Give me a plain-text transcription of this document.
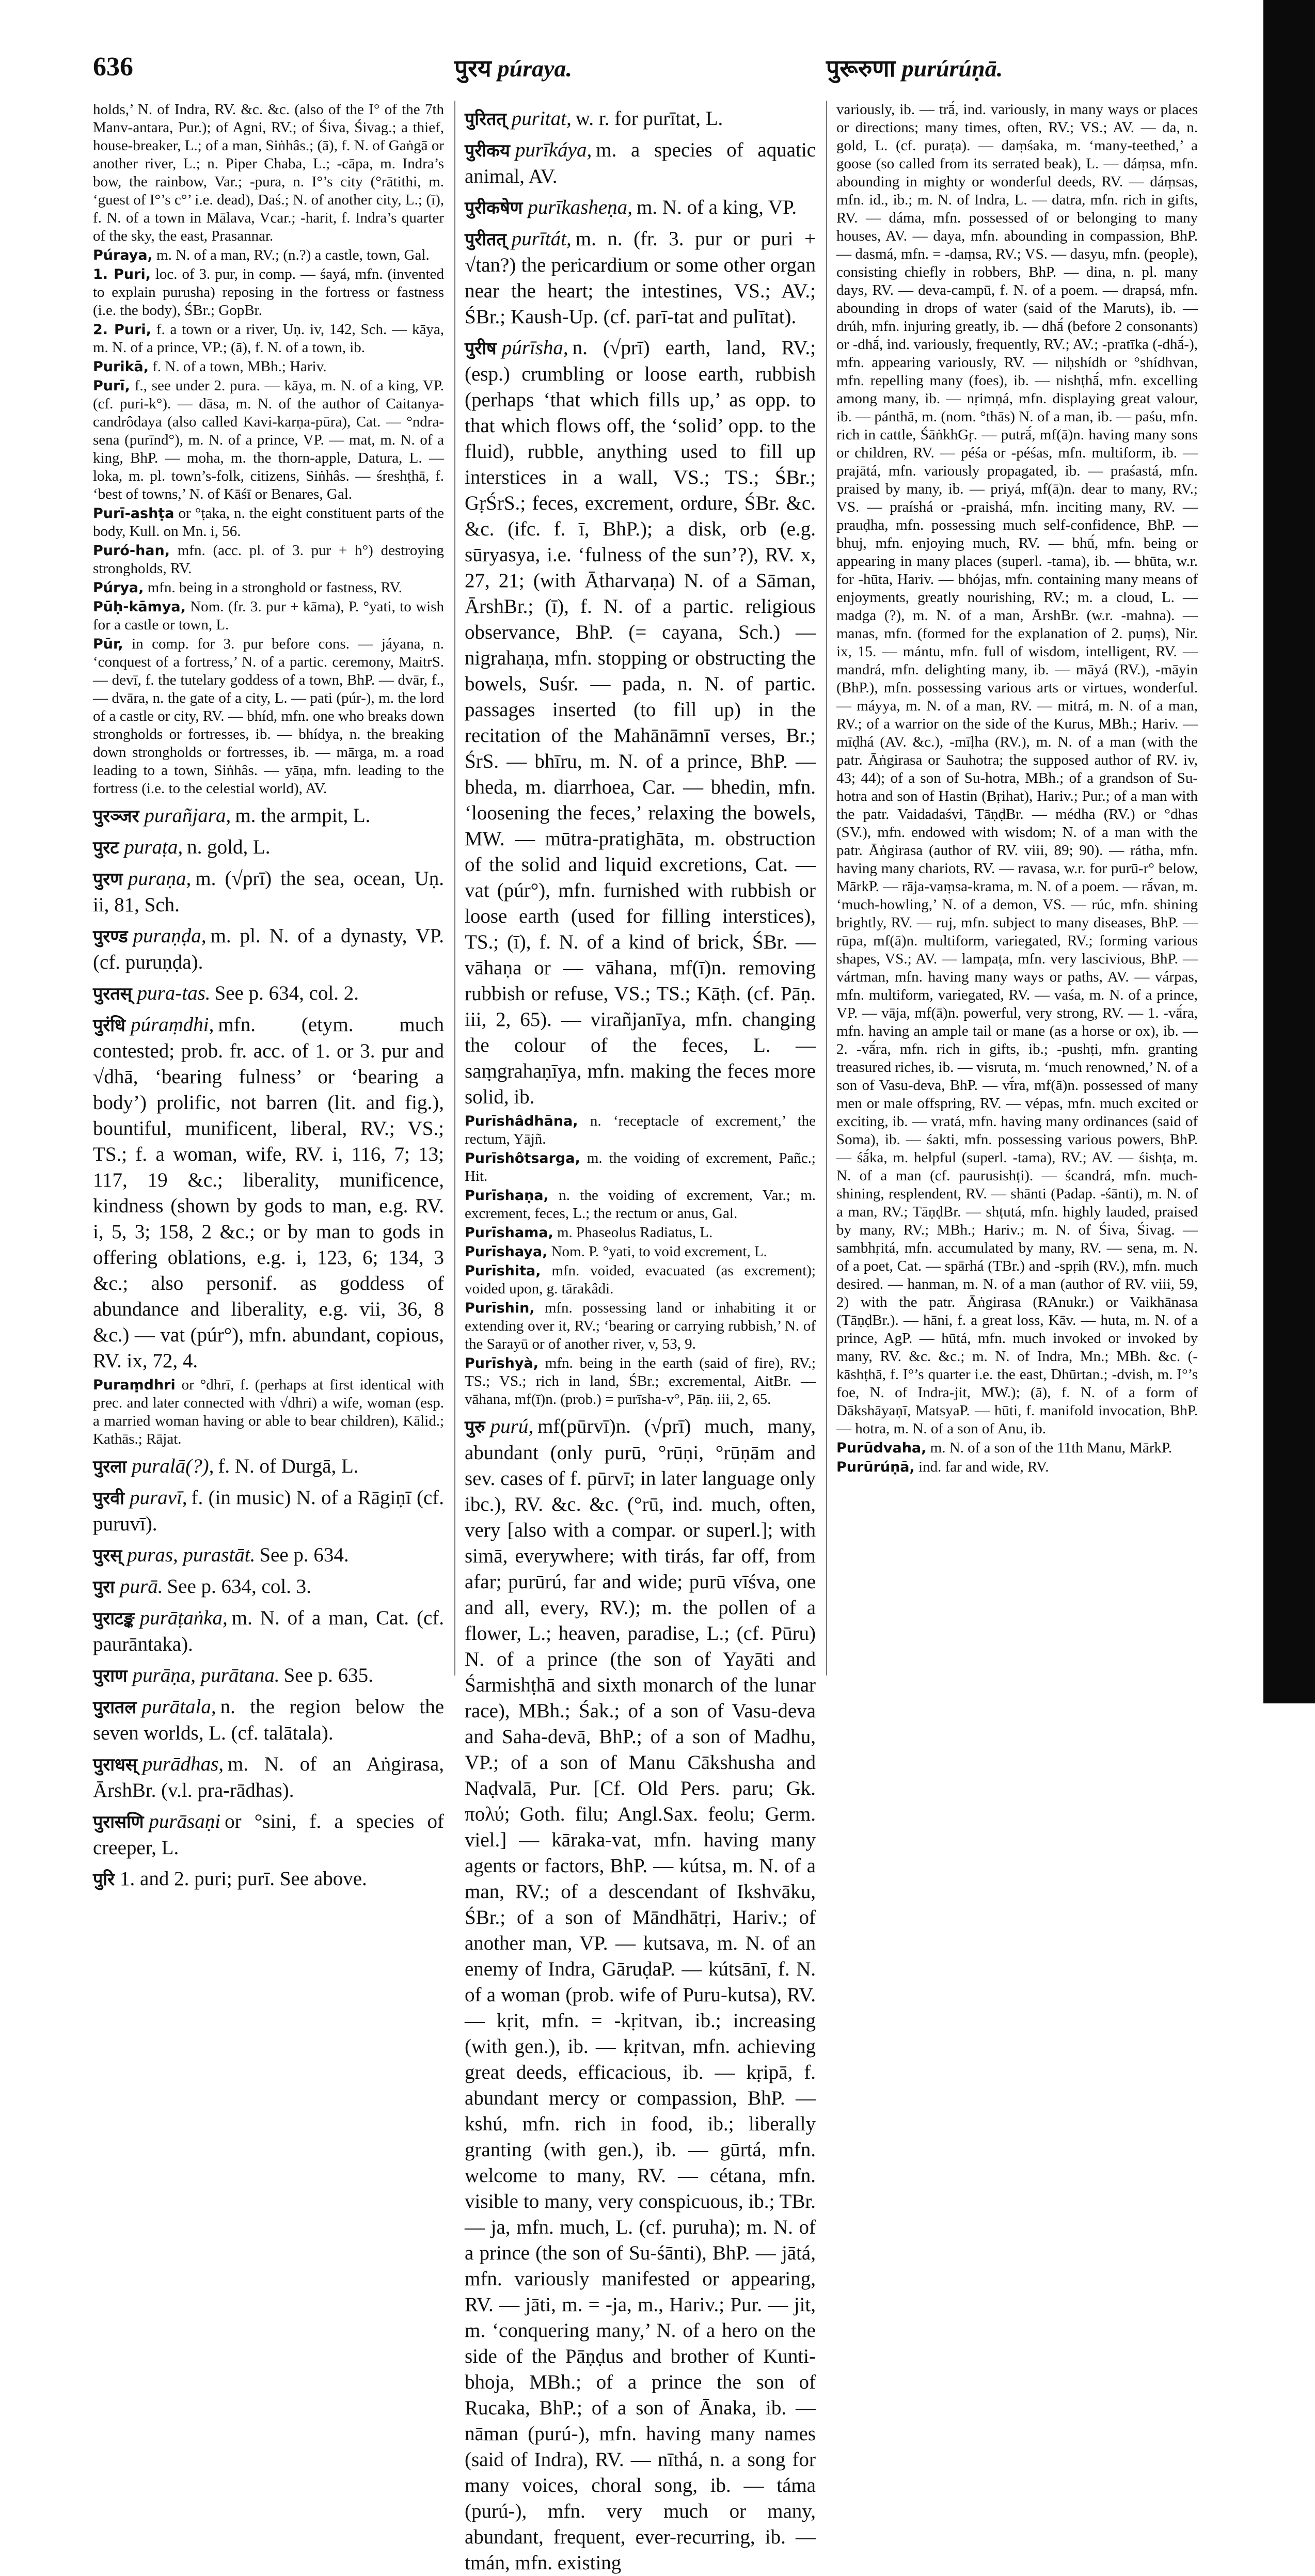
636	पुरय púraya.	पुरूरुणा purúrúṇā.

holds,’ N. of Indra, RV. &c. &c. (also of the I° of the 7th Manv-antara, Pur.); of Agni, RV.; of Śiva, Śivag.; a thief, house-breaker, L.; of a man, Siṅhâs.; (ā), f. N. of Gaṅgā or another river, L.; n. Piper Chaba, L.; -cāpa, m. Indra’s bow, the rainbow, Var.; -pura, n. I°’s city (°rātithi, m. ‘guest of I°’s c°’ i.e. dead), Daś.; N. of another city, L.; (ī), f. N. of a town in Mālava, Vcar.; -harit, f. Indra’s quarter of the sky, the east, Prasannar.

Púraya, m. N. of a man, RV.; (n.?) a castle, town, Gal.

1. Puri, loc. of 3. pur, in comp. — śayá, mfn. (invented to explain purusha) reposing in the fortress or fastness (i.e. the body), ŚBr.; GopBr.

2. Puri, f. a town or a river, Uṇ. iv, 142, Sch. — kāya, m. N. of a prince, VP.; (ā), f. N. of a town, ib.

Purikā, f. N. of a town, MBh.; Hariv.

Purī, f., see under 2. pura. — kāya, m. N. of a king, VP. (cf. puri-k°). — dāsa, m. N. of the author of Caitanya-candrôdaya (also called Kavi-karṇa-pūra), Cat. — °ndra-sena (purīnd°), m. N. of a prince, VP. — mat, m. N. of a king, BhP. — moha, m. the thorn-apple, Datura, L. — loka, m. pl. town’s-folk, citizens, Siṅhâs. — śreshṭhā, f. ‘best of towns,’ N. of Kāśī or Benares, Gal.

Purī-ashṭa or °ṭaka, n. the eight constituent parts of the body, Kull. on Mn. i, 56.

Puró-han, mfn. (acc. pl. of 3. pur + h°) destroying strongholds, RV.

Púrya, mfn. being in a stronghold or fastness, RV.

Pūḥ-kāmya, Nom. (fr. 3. pur + kāma), P. °yati, to wish for a castle or town, L.

Pūr, in comp. for 3. pur before cons. — jáyana, n. ‘conquest of a fortress,’ N. of a partic. ceremony, MaitrS. — devī, f. the tutelary goddess of a town, BhP. — dvār, f., — dvāra, n. the gate of a city, L. — pati (púr-), m. the lord of a castle or city, RV. — bhíd, mfn. one who breaks down strongholds or fortresses, ib. — bhídya, n. the breaking down strongholds or fortresses, ib. — mārga, m. a road leading to a town, Siṅhâs. — yāṇa, mfn. leading to the fortress (i.e. to the celestial world), AV.

पुरञ्जर purañjara, m. the armpit, L.

पुरट puraṭa, n. gold, L.

पुरण puraṇa, m. (√prī) the sea, ocean, Uṇ. ii, 81, Sch.

पुरण्ड puraṇḍa, m. pl. N. of a dynasty, VP. (cf. puruṇḍa).

पुरतस् pura-tas. See p. 634, col. 2.

पुरंधि púraṃdhi, mfn. (etym. much contested; prob. fr. acc. of 1. or 3. pur and √dhā, ‘bearing fulness’ or ‘bearing a body’) prolific, not barren (lit. and fig.), bountiful, munificent, liberal, RV.; VS.; TS.; f. a woman, wife, RV. i, 116, 7; 13; 117, 19 &c.; liberality, munificence, kindness (shown by gods to man, e.g. RV. i, 5, 3; 158, 2 &c.; or by man to gods in offering oblations, e.g. i, 123, 6; 134, 3 &c.; also personif. as goddess of abundance and liberality, e.g. vii, 36, 8 &c.) — vat (púr°), mfn. abundant, copious, RV. ix, 72, 4.

Puraṃdhri or °dhrī, f. (perhaps at first identical with prec. and later connected with √dhri) a wife, woman (esp. a married woman having or able to bear children), Kālid.; Kathās.; Rājat.

पुरला puralā(?), f. N. of Durgā, L.

पुरवी puravī, f. (in music) N. of a Rāgiṇī (cf. puruvī).

पुरस् puras, purastāt. See p. 634.

पुरा purā. See p. 634, col. 3.

पुराटङ्क purāṭaṅka, m. N. of a man, Cat. (cf. paurāntaka).

पुराण purāṇa, purātana. See p. 635.

पुरातल purātala, n. the region below the seven worlds, L. (cf. talātala).

पुराधस् purādhas, m. N. of an Aṅgirasa, ĀrshBr. (v.l. pra-rādhas).

पुरासणि purāsaṇi or °sini, f. a species of creeper, L.

पुरि 1. and 2. puri; purī. See above.

पुरितत् puritat, w. r. for purītat, L.

पुरीकय purīkáya, m. a species of aquatic animal, AV.

पुरीकषेण purīkasheṇa, m. N. of a king, VP.

पुरीतत् purītát, m. n. (fr. 3. pur or puri + √tan?) the pericardium or some other organ near the heart; the intestines, VS.; AV.; ŚBr.; Kaush-Up. (cf. parī-tat and pulītat).

पुरीष púrīsha, n. (√prī) earth, land, RV.; (esp.) crumbling or loose earth, rubbish (perhaps ‘that which fills up,’ as opp. to that which flows off, the ‘solid’ opp. to the fluid), rubble, anything used to fill up interstices in a wall, VS.; TS.; ŚBr.; GṛŚrS.; feces, excrement, ordure, ŚBr. &c. &c. (ifc. f. ī, BhP.); a disk, orb (e.g. sūryasya, i.e. ‘fulness of the sun’?), RV. x, 27, 21; (with Ātharvaṇa) N. of a Sāman, ĀrshBr.; (ī), f. N. of a partic. religious observance, BhP. (= cayana, Sch.) — nigrahaṇa, mfn. stopping or obstructing the bowels, Suśr. — pada, n. N. of partic. passages inserted (to fill up) in the recitation of the Mahānāmnī verses, Br.; ŚrS. — bhīru, m. N. of a prince, BhP. — bheda, m. diarrhoea, Car. — bhedin, mfn. ‘loosening the feces,’ relaxing the bowels, MW. — mūtra-pratighāta, m. obstruction of the solid and liquid excretions, Cat. — vat (púr°), mfn. furnished with rubbish or loose earth (used for filling interstices), TS.; (ī), f. N. of a kind of brick, ŚBr. — vāhaṇa or — vāhana, mf(ī)n. removing rubbish or refuse, VS.; TS.; Kāṭh. (cf. Pāṇ. iii, 2, 65). — virañjanīya, mfn. changing the colour of the feces, L. — saṃgrahaṇīya, mfn. making the feces more solid, ib.

Purīshâdhāna, n. ‘receptacle of excrement,’ the rectum, Yājñ.

Purīshôtsarga, m. the voiding of excrement, Pañc.; Hit.

Purīshaṇa, n. the voiding of excrement, Var.; m. excrement, feces, L.; the rectum or anus, Gal.

Purīshama, m. Phaseolus Radiatus, L.

Purīshaya, Nom. P. °yati, to void excrement, L.

Purīshita, mfn. voided, evacuated (as excrement); voided upon, g. tārakâdi.

Purīshin, mfn. possessing land or inhabiting it or extending over it, RV.; ‘bearing or carrying rubbish,’ N. of the Sarayū or of another river, v, 53, 9.

Purīshyà, mfn. being in the earth (said of fire), RV.; TS.; VS.; rich in land, ŚBr.; excremental, AitBr. — vāhana, mf(ī)n. (prob.) = purīsha-v°, Pāṇ. iii, 2, 65.

पुरु purú, mf(pūrvī)n. (√prī) much, many, abundant (only purū, °rūṇi, °rūṇām and sev. cases of f. pūrvī; in later language only ibc.), RV. &c. &c. (°rū, ind. much, often, very [also with a compar. or superl.]; with simā, everywhere; with tirás, far off, from afar; purūrú, far and wide; purū vīśva, one and all, every, RV.); m. the pollen of a flower, L.; heaven, paradise, L.; (cf. Pūru) N. of a prince (the son of Yayāti and Śarmishṭhā and sixth monarch of the lunar race), MBh.; Śak.; of a son of Vasu-deva and Saha-devā, BhP.; of a son of Madhu, VP.; of a son of Manu Cākshusha and Naḍvalā, Pur. [Cf. Old Pers. paru; Gk. πολύ; Goth. filu; Angl.Sax. feolu; Germ. viel.] — kāraka-vat, mfn. having many agents or factors, BhP. — kútsa, m. N. of a man, RV.; of a descendant of Ikshvāku, ŚBr.; of a son of Māndhātṛi, Hariv.; of another man, VP. — kutsava, m. N. of an enemy of Indra, GāruḍaP. — kútsānī, f. N. of a woman (prob. wife of Puru-kutsa), RV. — kṛit, mfn. = -kṛitvan, ib.; increasing (with gen.), ib. — kṛitvan, mfn. achieving great deeds, efficacious, ib. — kṛipā, f. abundant mercy or compassion, BhP. — kshú, mfn. rich in food, ib.; liberally granting (with gen.), ib. — gūrtá, mfn. welcome to many, RV. — cétana, mfn. visible to many, very conspicuous, ib.; TBr. — ja, mfn. much, L. (cf. puruha); m. N. of a prince (the son of Su-śānti), BhP. — jātá, mfn. variously manifested or appearing, RV. — jāti, m. = -ja, m., Hariv.; Pur. — jit, m. ‘conquering many,’ N. of a hero on the side of the Pāṇḍus and brother of Kunti-bhoja, MBh.; of a prince the son of Rucaka, BhP.; of a son of Ānaka, ib. — nāman (purú-), mfn. having many names (said of Indra), RV. — nīthá, n. a song for many voices, choral song, ib. — táma (purú-), mfn. very much or many, abundant, frequent, ever-recurring, ib. — tmán, mfn. existing

variously, ib. — trā́, ind. variously, in many ways or places or directions; many times, often, RV.; VS.; AV. — da, n. gold, L. (cf. puraṭa). — daṃśaka, m. ‘many-teethed,’ a goose (so called from its serrated beak), L. — dáṃsa, mfn. abounding in mighty or wonderful deeds, RV. — dáṃsas, mfn. id., ib.; m. N. of Indra, L. — datra, mfn. rich in gifts, RV. — dáma, mfn. possessed of or belonging to many houses, AV. — daya, mfn. abounding in compassion, BhP. — dasmá, mfn. = -daṃsa, RV.; VS. — dasyu, mfn. (people), consisting chiefly in robbers, BhP. — dina, n. pl. many days, RV. — deva-campū, f. N. of a poem. — drapsá, mfn. abounding in drops of water (said of the Maruts), ib. — drúh, mfn. injuring greatly, ib. — dhā́ (before 2 consonants) or -dhā́, ind. variously, frequently, RV.; AV.; -pratīka (-dhā́-), mfn. appearing variously, RV. — niḥshídh or °shídhvan, mfn. repelling many (foes), ib. — nishṭhā́, mfn. excelling among many, ib. — nṛimṇá, mfn. displaying great valour, ib. — pánthā, m. (nom. °thās) N. of a man, ib. — paśu, mfn. rich in cattle, ŚāṅkhGṛ. — putrā́, mf(ā)n. having many sons or children, RV. — péśa or -péśas, mfn. multiform, ib. — prajātá, mfn. variously propagated, ib. — praśastá, mfn. praised by many, ib. — priyá, mf(ā)n. dear to many, RV.; VS. — praíshá or -praishá, mfn. inciting many, RV. — prauḍha, mfn. possessing much self-confidence, BhP. — bhuj, mfn. enjoying much, RV. — bhū́, mfn. being or appearing in many places (superl. -tama), ib. — bhūta, w.r. for -hūta, Hariv. — bhójas, mfn. containing many means of enjoyments, greatly nourishing, RV.; m. a cloud, L. — madga (?), m. N. of a man, ĀrshBr. (w.r. -mahna). — manas, mfn. (formed for the explanation of 2. puṃs), Nir. ix, 15. — mántu, mfn. full of wisdom, intelligent, RV. — mandrá, mfn. delighting many, ib. — māyá (RV.), -māyin (BhP.), mfn. possessing various arts or virtues, wonderful. — máyya, m. N. of a man, RV. — mitrá, m. N. of a man, RV.; of a warrior on the side of the Kurus, MBh.; Hariv. — mīḍhá (AV. &c.), -mīḷha (RV.), m. N. of a man (with the patr. Āṅgirasa or Sauhotra; the supposed author of RV. iv, 43; 44); of a son of Su-hotra, MBh.; of a grandson of Su-hotra and son of Hastin (Bṛihat), Hariv.; Pur.; of a man with the patr. Vaidadaśvi, TāṇḍBr. — médha (RV.) or °dhas (SV.), mfn. endowed with wisdom; N. of a man with the patr. Āṅgirasa (author of RV. viii, 89; 90). — rátha, mfn. having many chariots, RV. — ravasa, w.r. for purū-r° below, MārkP. — rāja-vaṃsa-krama, m. N. of a poem. — rā́van, m. ‘much-howling,’ N. of a demon, VS. — rúc, mfn. shining brightly, RV. — ruj, mfn. subject to many diseases, BhP. — rūpa, mf(ā)n. multiform, variegated, RV.; forming various shapes, VS.; AV. — lampaṭa, mfn. very lascivious, BhP. — vártman, mfn. having many ways or paths, AV. — várpas, mfn. multiform, variegated, RV. — vaśa, m. N. of a prince, VP. — vāja, mf(ā)n. powerful, very strong, RV. — 1. -vā́ra, mfn. having an ample tail or mane (as a horse or ox), ib. — 2. -vā́ra, mfn. rich in gifts, ib.; -pushṭi, mfn. granting treasured riches, ib. — visruta, m. ‘much renowned,’ N. of a son of Vasu-deva, BhP. — vī́ra, mf(ā)n. possessed of many men or male offspring, RV. — vépas, mfn. much excited or exciting, ib. — vratá, mfn. having many ordinances (said of Soma), ib. — śakti, mfn. possessing various powers, BhP. — śā́ka, m. helpful (superl. -tama), RV.; AV. — śishṭa, m. N. of a man (cf. paurusishṭi). — ścandrá, mfn. much-shining, resplendent, RV. — shānti (Padap. -śānti), m. N. of a man, RV.; TāṇḍBr. — shṭutá, mfn. highly lauded, praised by many, RV.; MBh.; Hariv.; m. N. of Śiva, Śivag. — sambhṛitá, mfn. accumulated by many, RV. — sena, m. N. of a poet, Cat. — spārhá (TBr.) and -spṛih (RV.), mfn. much desired. — hanman, m. N. of a man (author of RV. viii, 59, 2) with the patr. Āṅgirasa (RAnukr.) or Vaikhānasa (TāṇḍBr.). — hāni, f. a great loss, Kāv. — huta, m. N. of a prince, AgP. — hūtá, mfn. much invoked or invoked by many, RV. &c. &c.; m. N. of Indra, Mn.; MBh. &c. (-kāshṭhā, f. I°’s quarter i.e. the east, Dhūrtan.; -dvish, m. I°’s foe, N. of Indra-jit, MW.); (ā), f. N. of a form of Dākshāyaṇī, MatsyaP. — hūti, f. manifold invocation, BhP. — hotra, m. N. of a son of Anu, ib.

Purūdvaha, m. N. of a son of the 11th Manu, MārkP.

Purūrúṇā, ind. far and wide, RV.
